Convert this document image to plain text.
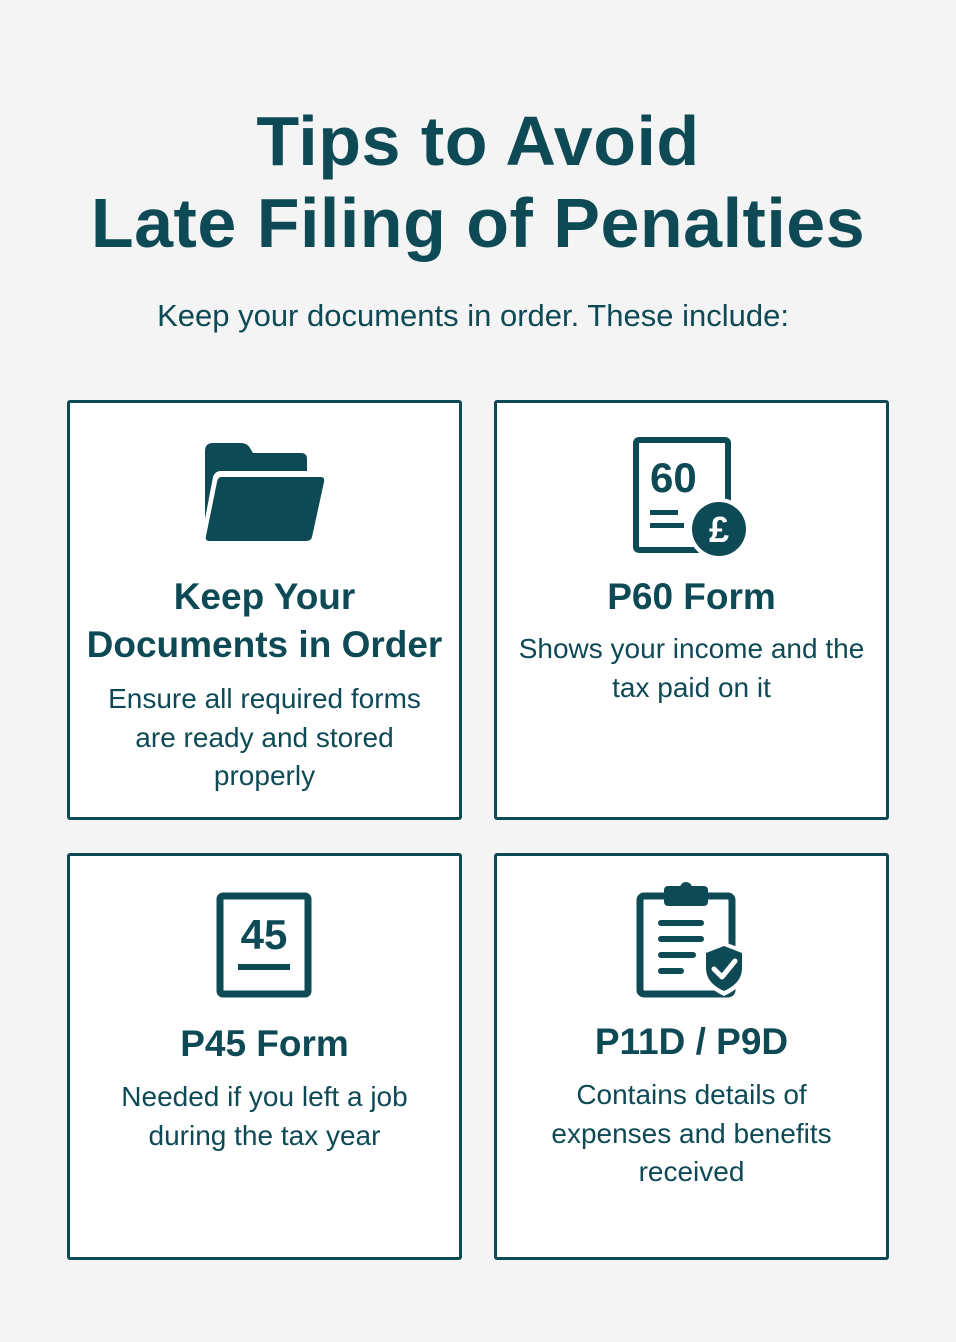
Tips to Avoid
Late Filing of Penalties
Keep your documents in order. These include:
Keep Your Documents in Order
Ensure all required forms are ready and stored properly
60
£
P60 Form
Shows your income and the tax paid on it
45
P45 Form
Needed if you left a job during the tax year
P11D / P9D
Contains details of expenses and benefits received
